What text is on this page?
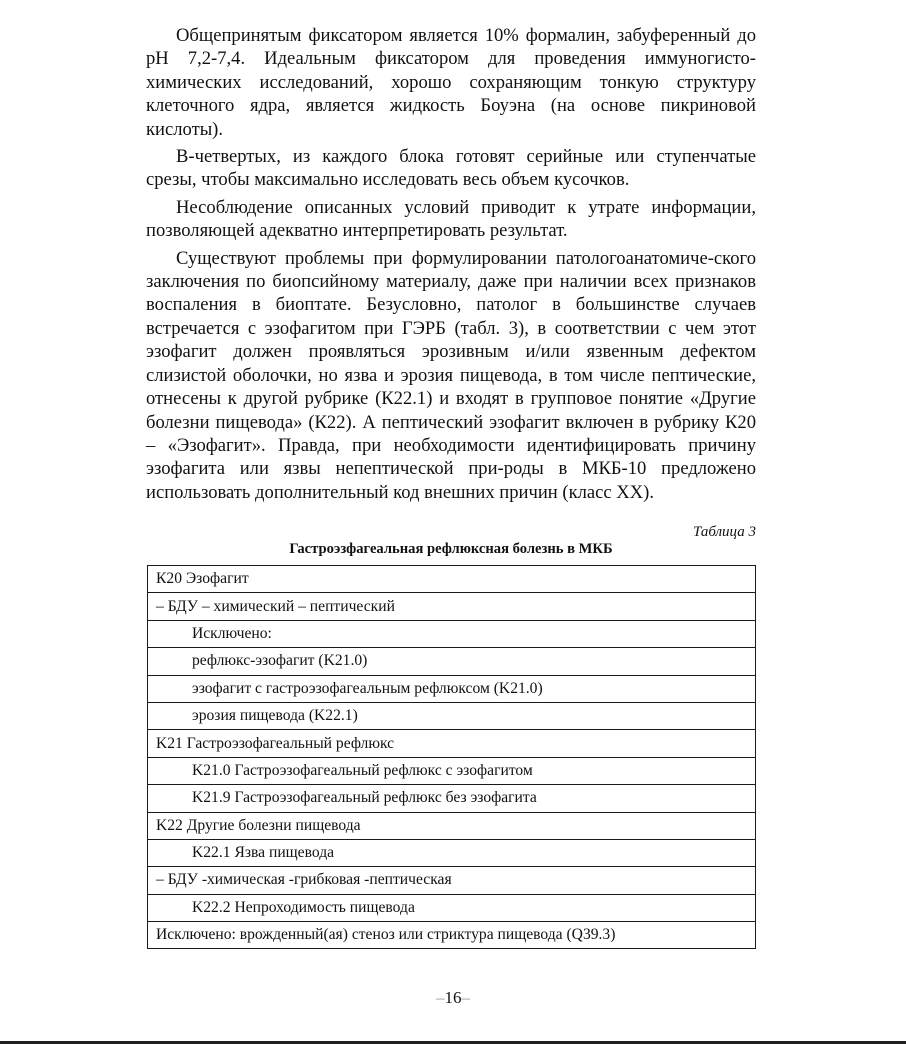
Общепринятым фиксатором является 10% формалин, забуференный до pH 7,2-7,4. Идеальным фиксатором для проведения иммуногисто-химических исследований, хорошо сохраняющим тонкую структуру клеточного ядра, является жидкость Боуэна (на основе пикриновой кислоты).

В-четвертых, из каждого блока готовят серийные или ступенчатые срезы, чтобы максимально исследовать весь объем кусочков.

Несоблюдение описанных условий приводит к утрате информации, позволяющей адекватно интерпретировать результат.

Существуют проблемы при формулировании патологоанатомиче-ского заключения по биопсийному материалу, даже при наличии всех признаков воспаления в биоптате. Безусловно, патолог в большинстве случаев встречается с эзофагитом при ГЭРБ (табл. 3), в соответствии с чем этот эзофагит должен проявляться эрозивным и/или язвенным дефектом слизистой оболочки, но язва и эрозия пищевода, в том числе пептические, отнесены к другой рубрике (К22.1) и входят в групповое понятие «Другие болезни пищевода» (К22). А пептический эзофагит включен в рубрику К20 – «Эзофагит». Правда, при необходимости идентифицировать причину эзофагита или язвы непептической при-роды в МКБ-10 предложено использовать дополнительный код внешних причин (класс XX).

Таблица 3
Гастроэзфагеальная рефлюксная болезнь в МКБ
К20 Эзофагит
– БДУ – химический – пептический
Исключено:
рефлюкс-эзофагит (K21.0)
эзофагит с гастроэзофагеальным рефлюксом (K21.0)
эрозия пищевода (K22.1)
K21 Гастроэзофагеальный рефлюкс
K21.0 Гастроэзофагеальный рефлюкс с эзофагитом
K21.9 Гастроэзофагеальный рефлюкс без эзофагита
K22 Другие болезни пищевода
K22.1 Язва пищевода
– БДУ -химическая -грибковая -пептическая
K22.2 Непроходимость пищевода
Исключено: врожденный(ая) стеноз или стриктура пищевода (Q39.3)
–16–
